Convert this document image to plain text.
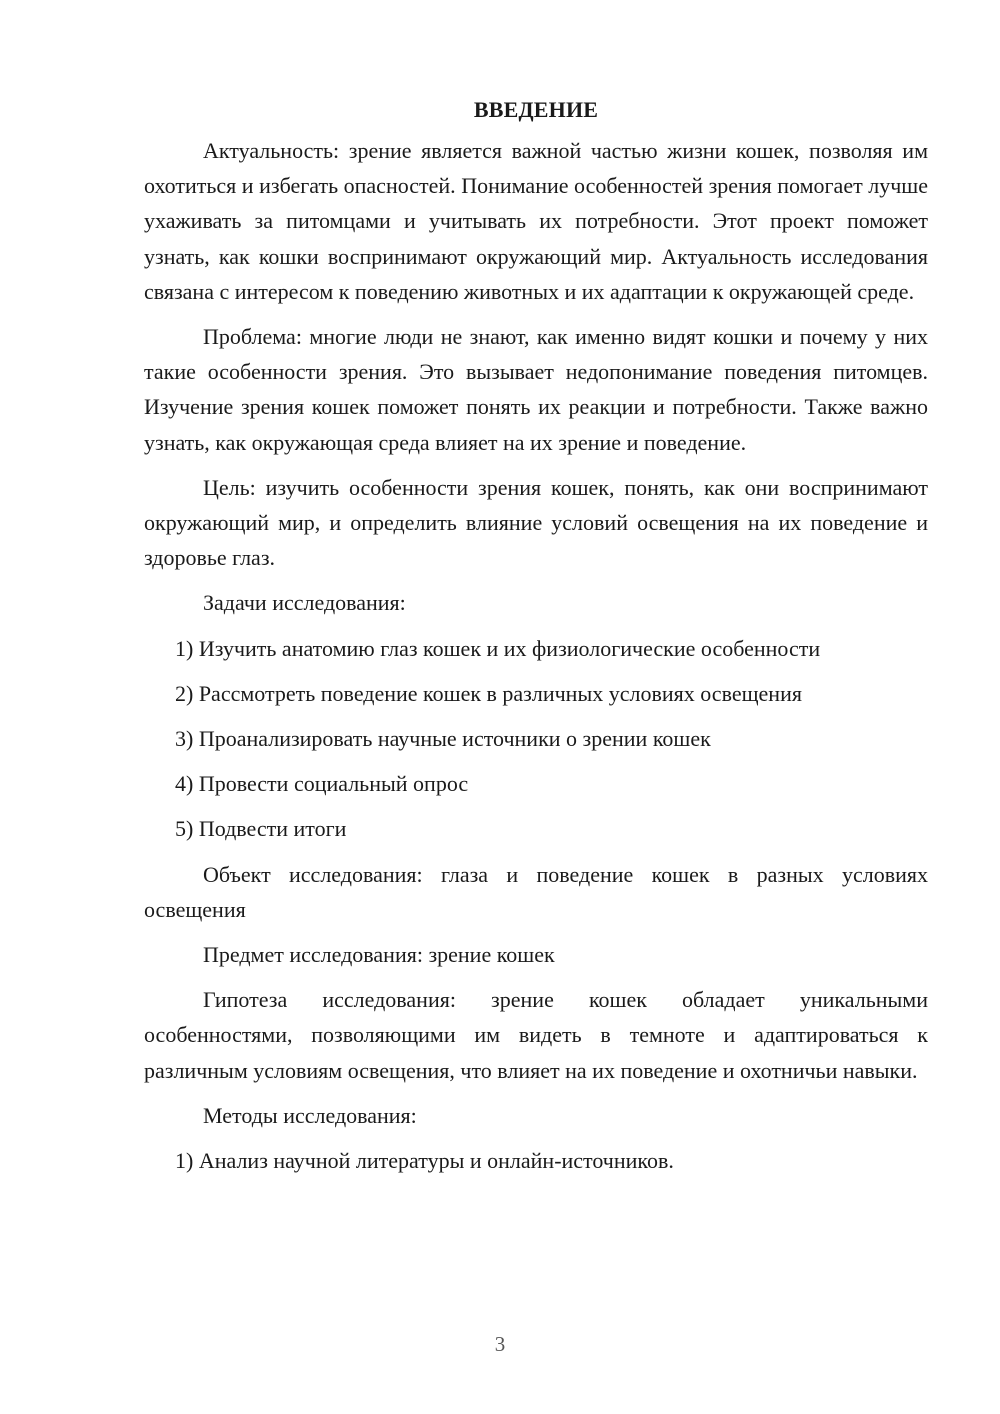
ВВЕДЕНИЕ

Актуальность: зрение является важной частью жизни кошек, позволяя им охотиться и избегать опасностей. Понимание особенностей зрения помогает лучше ухаживать за питомцами и учитывать их потребности. Этот проект поможет узнать, как кошки воспринимают окружающий мир. Актуальность исследования связана с интересом к поведению животных и их адаптации к окружающей среде.

Проблема: многие люди не знают, как именно видят кошки и почему у них такие особенности зрения. Это вызывает недопонимание поведения питомцев. Изучение зрения кошек поможет понять их реакции и потребности. Также важно узнать, как окружающая среда влияет на их зрение и поведение.

Цель: изучить особенности зрения кошек, понять, как они воспринимают окружающий мир, и определить влияние условий освещения на их поведение и здоровье глаз.

Задачи исследования:

1) Изучить анатомию глаз кошек и их физиологические особенности

2) Рассмотреть поведение кошек в различных условиях освещения

3) Проанализировать научные источники о зрении кошек

4) Провести социальный опрос

5) Подвести итоги

Объект исследования: глаза и поведение кошек в разных условиях освещения

Предмет исследования: зрение кошек

Гипотеза исследования: зрение кошек обладает уникальными особенностями, позволяющими им видеть в темноте и адаптироваться к различным условиям освещения, что влияет на их поведение и охотничьи навыки.

Методы исследования:

1) Анализ научной литературы и онлайн-источников.

3
